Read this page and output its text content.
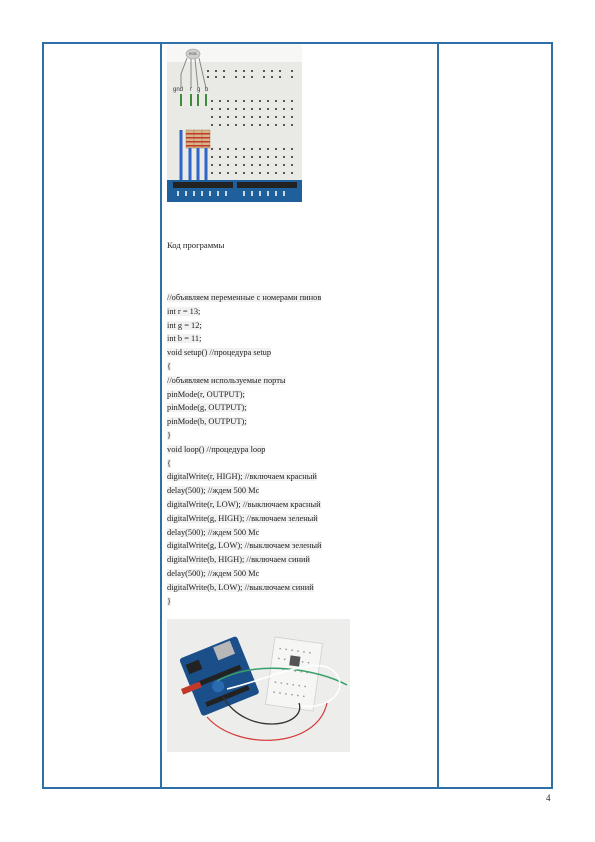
RGB
gnd r g b
Код программы
//объявляем переменные с номерами пинов
int r = 13;
int g = 12;
int b = 11;
void setup() //процедура setup
{
//объявляем используемые порты
pinMode(r, OUTPUT);
pinMode(g, OUTPUT);
pinMode(b, OUTPUT);
}
void loop() //процедура loop
{
digitalWrite(r, HIGH); //включаем красный
delay(500); //ждем 500 Мс
digitalWrite(r, LOW); //выключаем красный
digitalWrite(g, HIGH); //включаем зеленый
delay(500); //ждем 500 Мс
digitalWrite(g, LOW); //выключаем зеленый
digitalWrite(b, HIGH); //включаем синий
delay(500); //ждем 500 Мс
digitalWrite(b, LOW); //выключаем синий
}
4
